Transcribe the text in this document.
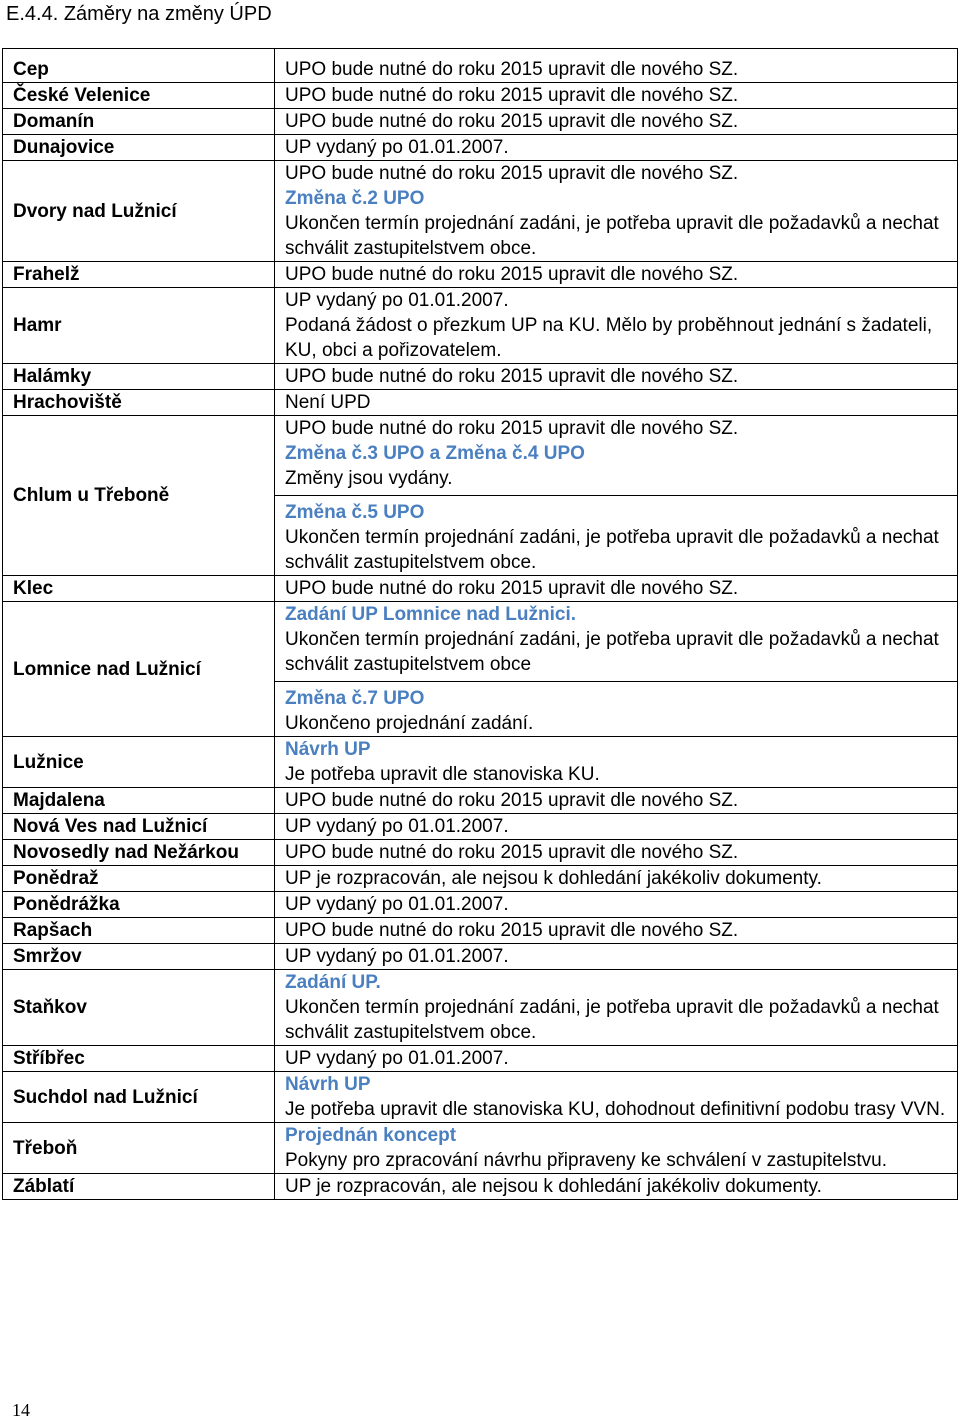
E.4.4. Záměry na změny ÚPD
Cep	UPO bude nutné do roku 2015 upravit dle nového SZ.

České Velenice	UPO bude nutné do roku 2015 upravit dle nového SZ.

Domanín	UPO bude nutné do roku 2015 upravit dle nového SZ.

Dunajovice	UP vydaný po 01.01.2007.

Dvory nad Lužnicí	UPO bude nutné do roku 2015 upravit dle nového SZ.
Změna č.2 UPO
Ukončen termín projednání zadáni, je potřeba upravit dle požadavků a nechat schválit zastupitelstvem obce.

Frahelž	UPO bude nutné do roku 2015 upravit dle nového SZ.

Hamr	UP vydaný po 01.01.2007.
Podaná žádost o přezkum UP na KU. Mělo by proběhnout jednání s žadateli, KU, obci a pořizovatelem.

Halámky	UPO bude nutné do roku 2015 upravit dle nového SZ.

Hrachoviště	Není UPD

Chlum u Třeboně	UPO bude nutné do roku 2015 upravit dle nového SZ.
Změna č.3 UPO a Změna č.4 UPO
Změny jsou vydány.
Změna č.5 UPO
Ukončen termín projednání zadáni, je potřeba upravit dle požadavků a nechat schválit zastupitelstvem obce.

Klec	UPO bude nutné do roku 2015 upravit dle nového SZ.

Lomnice nad Lužnicí	Zadání UP Lomnice nad Lužnici.
Ukončen termín projednání zadáni, je potřeba upravit dle požadavků a nechat schválit zastupitelstvem obce
Změna č.7 UPO
Ukončeno projednání zadání.

Lužnice	Návrh UP
Je potřeba upravit dle stanoviska KU.

Majdalena	UPO bude nutné do roku 2015 upravit dle nového SZ.

Nová Ves nad Lužnicí	UP vydaný po 01.01.2007.

Novosedly nad Nežárkou	UPO bude nutné do roku 2015 upravit dle nového SZ.

Ponědraž	UP je rozpracován, ale nejsou k dohledání jakékoliv dokumenty.

Ponědrážka	UP vydaný po 01.01.2007.

Rapšach	UPO bude nutné do roku 2015 upravit dle nového SZ.

Smržov	UP vydaný po 01.01.2007.

Staňkov	Zadání UP.
Ukončen termín projednání zadáni, je potřeba upravit dle požadavků a nechat schválit zastupitelstvem obce.

Stříbřec	UP vydaný po 01.01.2007.

Suchdol nad Lužnicí	Návrh UP
Je potřeba upravit dle stanoviska KU, dohodnout definitivní podobu trasy VVN.

Třeboň	Projednán koncept
Pokyny pro zpracování návrhu připraveny ke schválení v zastupitelstvu.

Záblatí	UP je rozpracován, ale nejsou k dohledání jakékoliv dokumenty.
14
